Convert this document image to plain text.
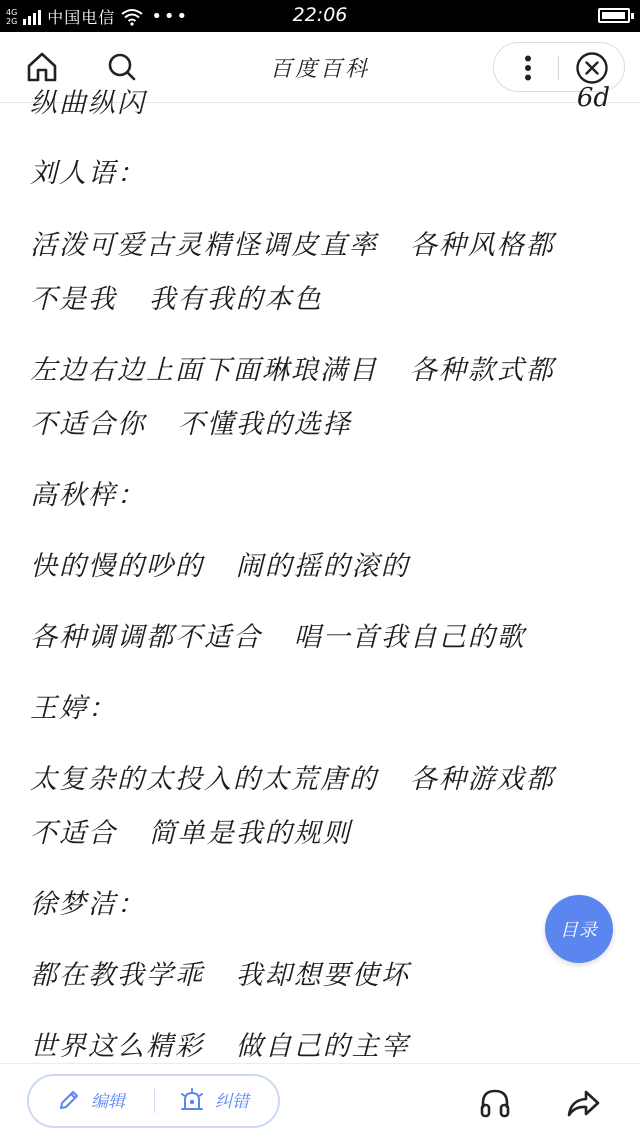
4G
2G 中国电信 •••	22:06
百度百科
纵曲纵闪	6d
刘人语：
活泼可爱古灵精怪调皮直率   各种风格都
不是我   我有我的本色
左边右边上面下面琳琅满目   各种款式都
不适合你   不懂我的选择
高秋梓：
快的慢的吵的   闹的摇的滚的
各种调调都不适合   唱一首我自己的歌
王婷：
太复杂的太投入的太荒唐的   各种游戏都
不适合   简单是我的规则
徐梦洁：
都在教我学乖   我却想要使坏
世界这么精彩   做自己的主宰
目录
编辑	纠错
